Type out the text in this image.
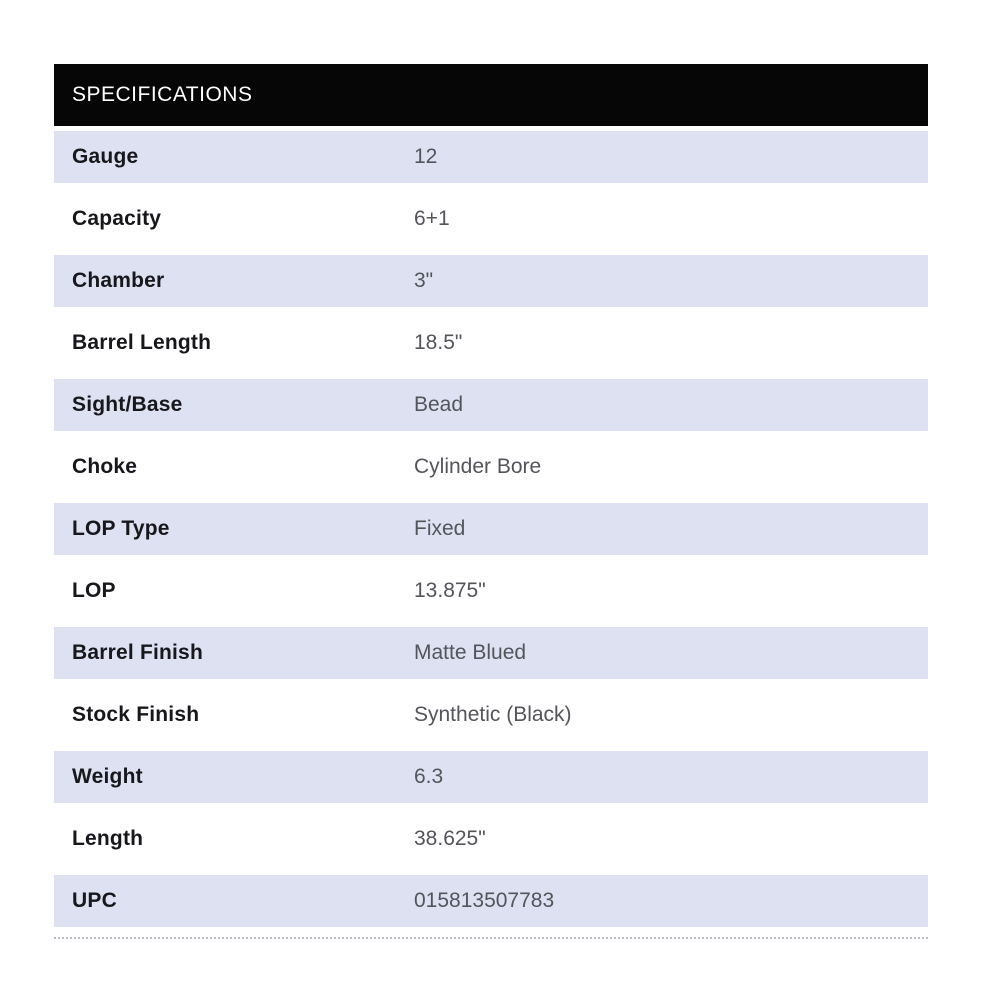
SPECIFICATIONS
Gauge	12
Capacity	6+1
Chamber	3"
Barrel Length	18.5"
Sight/Base	Bead
Choke	Cylinder Bore
LOP Type	Fixed
LOP	13.875"
Barrel Finish	Matte Blued
Stock Finish	Synthetic (Black)
Weight	6.3
Length	38.625"
UPC	015813507783
